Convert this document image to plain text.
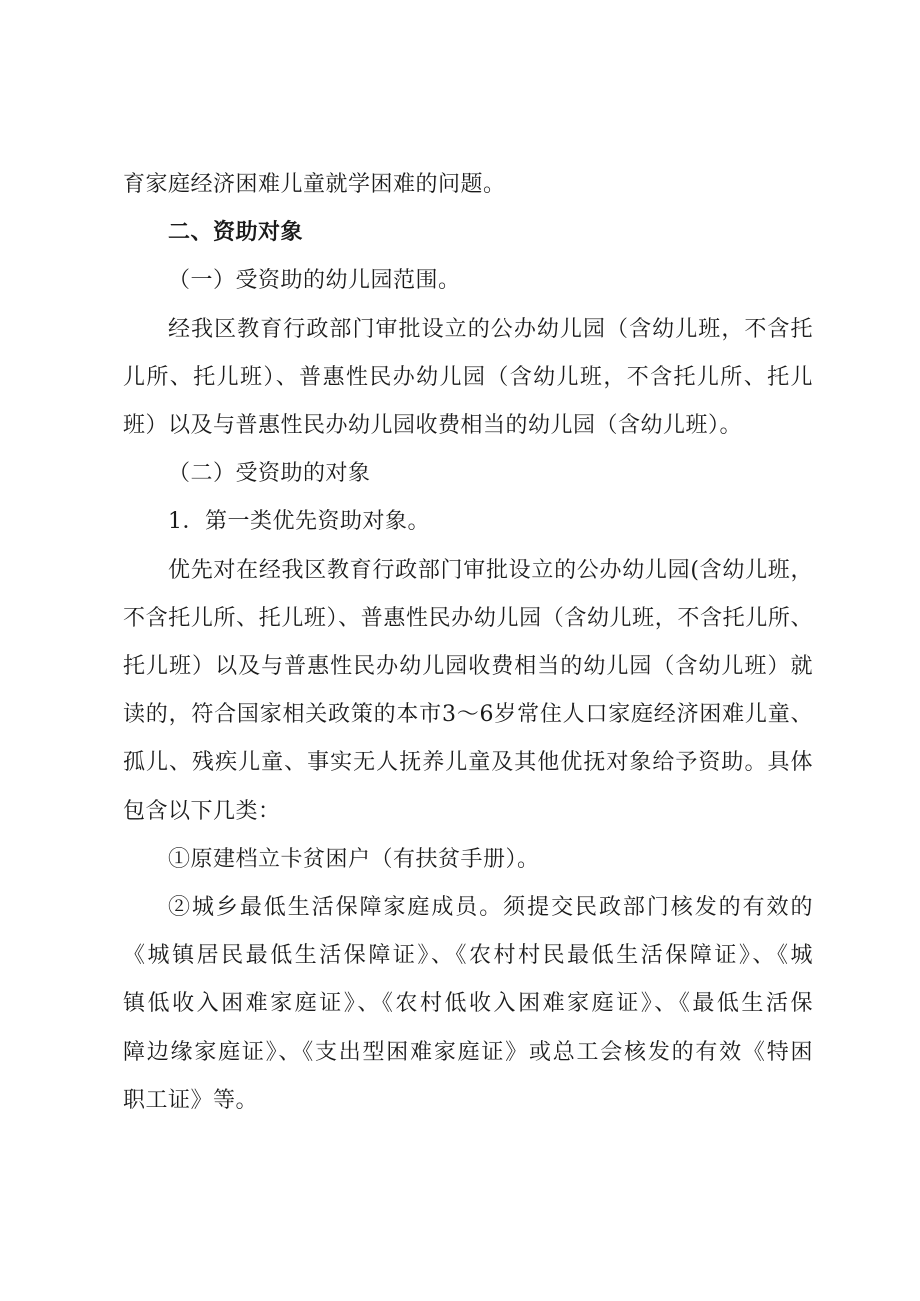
育家庭经济困难儿童就学困难的问题。
二、资助对象
（一）受资助的幼儿园范围。
经我区教育行政部门审批设立的公办幼儿园（含幼儿班，不含托
儿所、托儿班）、普惠性民办幼儿园（含幼儿班，不含托儿所、托儿
班）以及与普惠性民办幼儿园收费相当的幼儿园（含幼儿班）。
（二）受资助的对象
1．第一类优先资助对象。
优先对在经我区教育行政部门审批设立的公办幼儿园(含幼儿班，
不含托儿所、托儿班）、普惠性民办幼儿园（含幼儿班，不含托儿所、
托儿班）以及与普惠性民办幼儿园收费相当的幼儿园（含幼儿班）就
读的，符合国家相关政策的本市3～6岁常住人口家庭经济困难儿童、
孤儿、残疾儿童、事实无人抚养儿童及其他优抚对象给予资助。具体
包含以下几类：
①原建档立卡贫困户（有扶贫手册）。
②城乡最低生活保障家庭成员。须提交民政部门核发的有效的
《城镇居民最低生活保障证》、《农村村民最低生活保障证》、《城
镇低收入困难家庭证》、《农村低收入困难家庭证》、《最低生活保
障边缘家庭证》、《支出型困难家庭证》或总工会核发的有效《特困
职工证》等。
